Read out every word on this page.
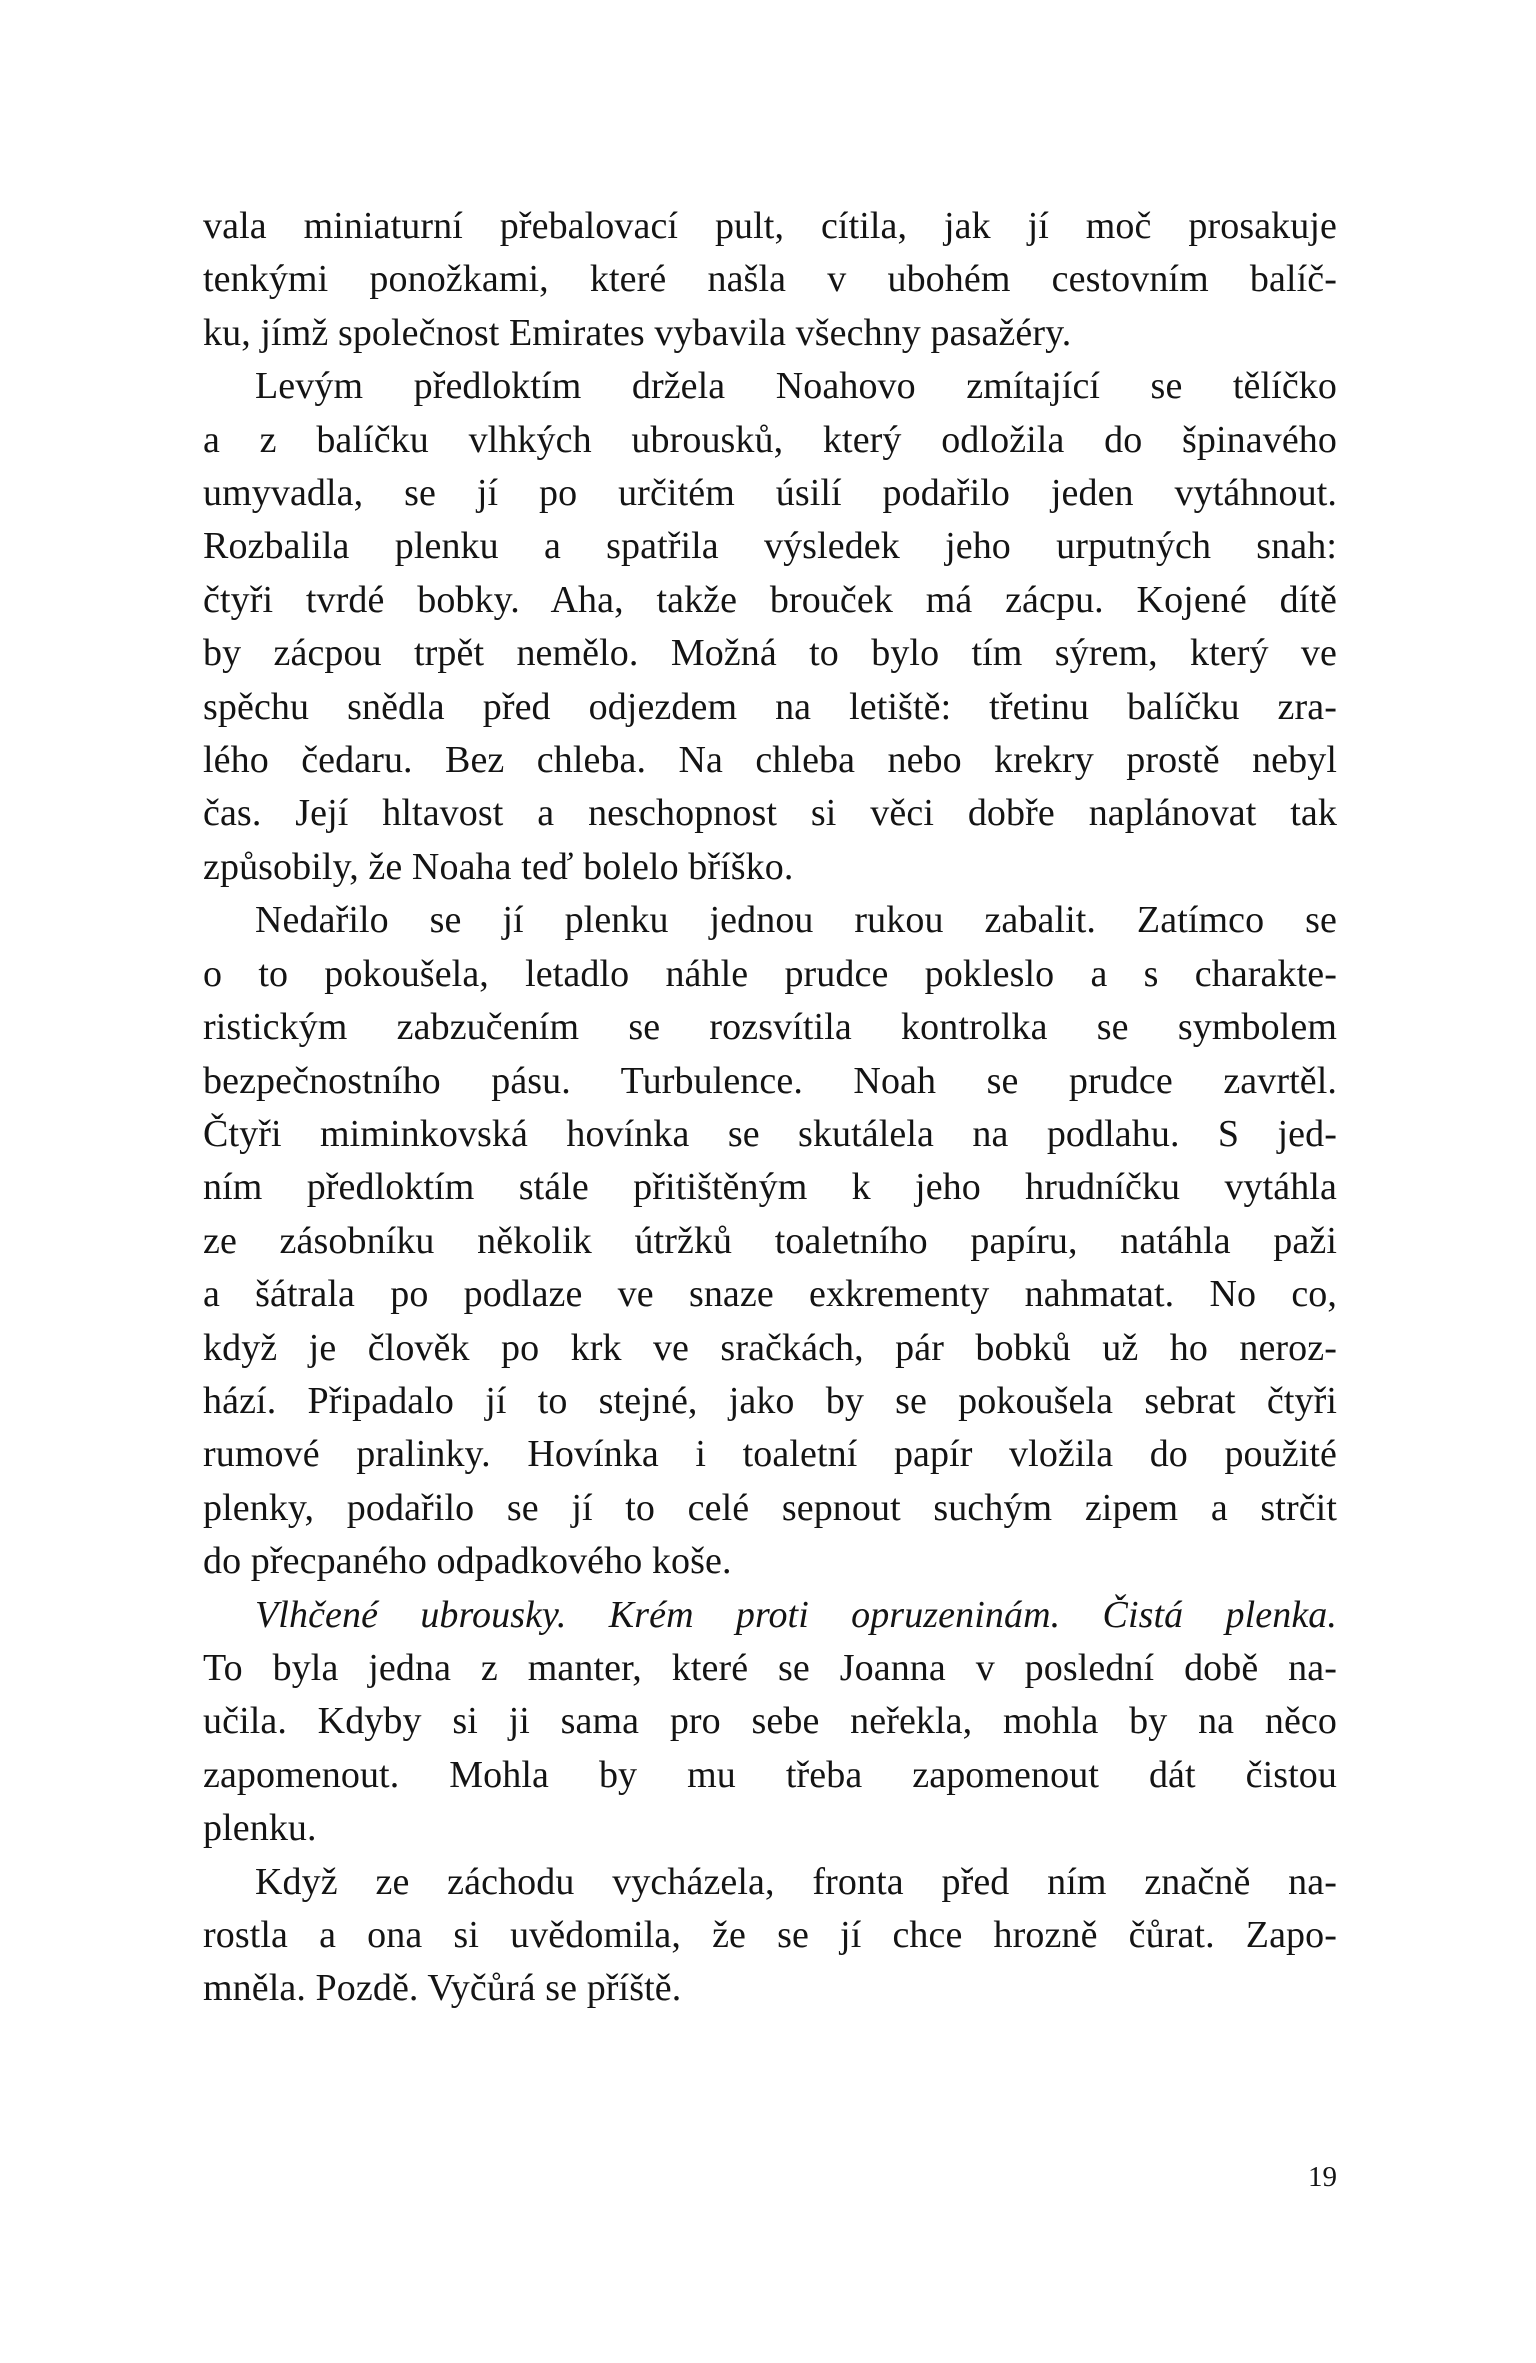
vala miniaturní přebalovací pult, cítila, jak jí moč prosakuje
tenkými ponožkami, které našla v ubohém cestovním balíč-
ku, jímž společnost Emirates vybavila všechny pasažéry.
Levým předloktím držela Noahovo zmítající se tělíčko
a z balíčku vlhkých ubrousků, který odložila do špinavého
umyvadla, se jí po určitém úsilí podařilo jeden vytáhnout.
Rozbalila plenku a spatřila výsledek jeho urputných snah:
čtyři tvrdé bobky. Aha, takže brouček má zácpu. Kojené dítě
by zácpou trpět nemělo. Možná to bylo tím sýrem, který ve
spěchu snědla před odjezdem na letiště: třetinu balíčku zra-
lého čedaru. Bez chleba. Na chleba nebo krekry prostě nebyl
čas. Její hltavost a neschopnost si věci dobře naplánovat tak
způsobily, že Noaha teď bolelo bříško.
Nedařilo se jí plenku jednou rukou zabalit. Zatímco se
o to pokoušela, letadlo náhle prudce pokleslo a s charakte-
ristickým zabzučením se rozsvítila kontrolka se symbolem
bezpečnostního pásu. Turbulence. Noah se prudce zavrtěl.
Čtyři miminkovská hovínka se skutálela na podlahu. S jed-
ním předloktím stále přitištěným k jeho hrudníčku vytáhla
ze zásobníku několik útržků toaletního papíru, natáhla paži
a šátrala po podlaze ve snaze exkrementy nahmatat. No co,
když je člověk po krk ve sračkách, pár bobků už ho neroz-
hází. Připadalo jí to stejné, jako by se pokoušela sebrat čtyři
rumové pralinky. Hovínka i toaletní papír vložila do použité
plenky, podařilo se jí to celé sepnout suchým zipem a strčit
do přecpaného odpadkového koše.
Vlhčené ubrousky. Krém proti opruzeninám. Čistá plenka.
To byla jedna z manter, které se Joanna v poslední době na-
učila. Kdyby si ji sama pro sebe neřekla, mohla by na něco
zapomenout. Mohla by mu třeba zapomenout dát čistou
plenku.
Když ze záchodu vycházela, fronta před ním značně na-
rostla a ona si uvědomila, že se jí chce hrozně čůrat. Zapo-
mněla. Pozdě. Vyčůrá se příště.
19
